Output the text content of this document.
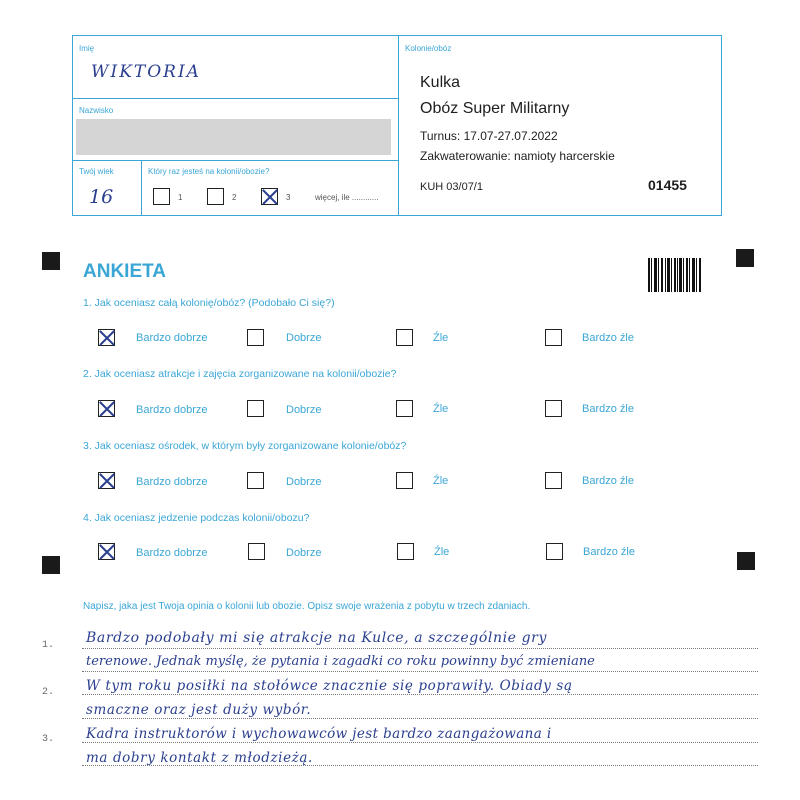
Imię
WIKTORIA
Nazwisko
Twój wiek
16
Który raz jesteś na kolonii/obozie?
1	2	3	więcej, ile ............
Kolonie/obóz
Kulka
Obóz Super Militarny
Turnus: 17.07-27.07.2022
Zakwaterowanie: namioty harcerskie
KUH 03/07/1	01455
ANKIETA
1. Jak oceniasz całą kolonię/obóz? (Podobało Ci się?)
Bardzo dobrze	Dobrze	Źle	Bardzo źle
2. Jak oceniasz atrakcje i zajęcia zorganizowane na kolonii/obozie?
Bardzo dobrze	Dobrze	Źle	Bardzo źle
3. Jak oceniasz ośrodek, w którym były zorganizowane kolonie/obóz?
Bardzo dobrze	Dobrze	Źle	Bardzo źle
4. Jak oceniasz jedzenie podczas kolonii/obozu?
Bardzo dobrze	Dobrze	Źle	Bardzo źle
Napisz, jaka jest Twoja opinia o kolonii lub obozie. Opisz swoje wrażenia z pobytu w trzech zdaniach.
1.
2.
3.
Bardzo podobały mi się atrakcje na Kulce, a szczególnie gry
terenowe. Jednak myślę, że pytania i zagadki co roku powinny być zmieniane
W tym roku posiłki na stołówce znacznie się poprawiły. Obiady są
smaczne oraz jest duży wybór.
Kadra instruktorów i wychowawców jest bardzo zaangażowana i
ma dobry kontakt z młodzieżą.
